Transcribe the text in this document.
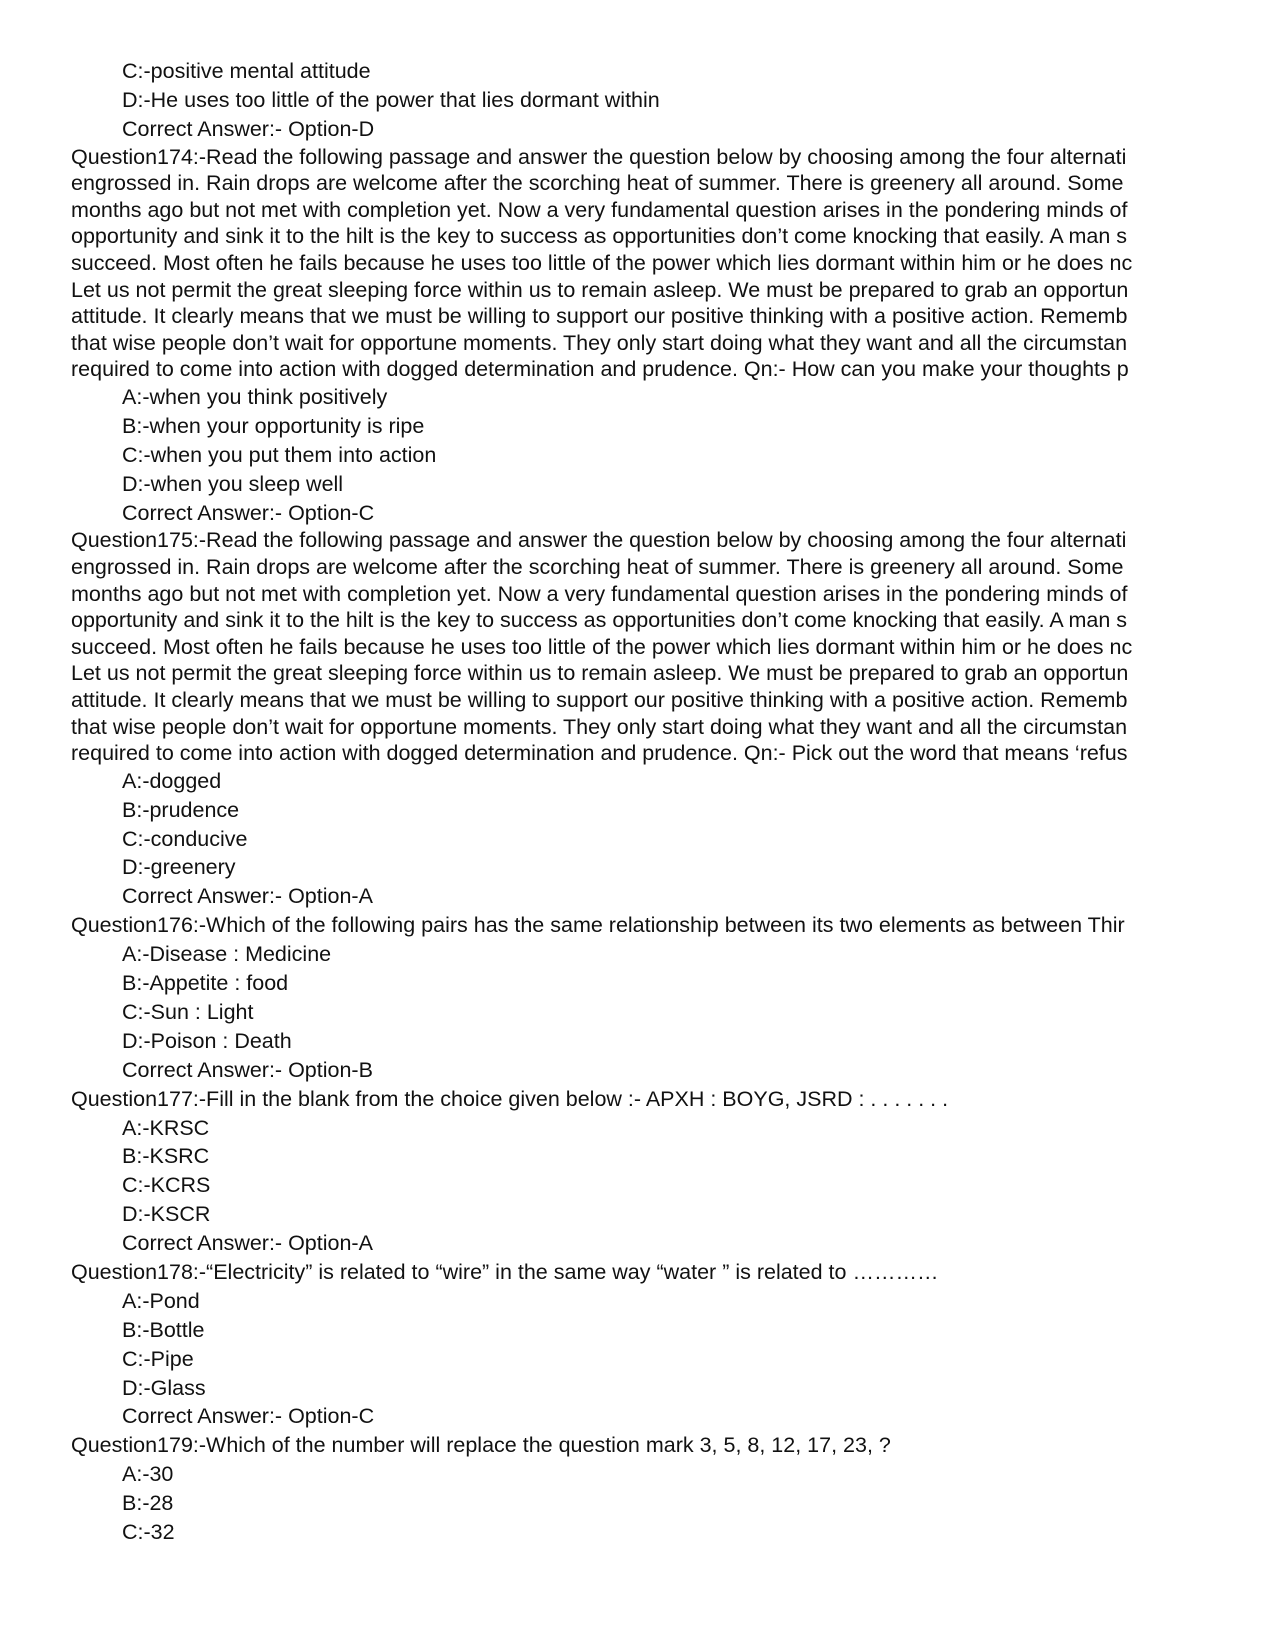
C:-positive mental attitude
D:-He uses too little of the power that lies dormant within
Correct Answer:- Option-D
Question174:-Read the following passage and answer the question below by choosing among the four alternati
engrossed in. Rain drops are welcome after the scorching heat of summer. There is greenery all around. Some
months ago but not met with completion yet. Now a very fundamental question arises in the pondering minds of
opportunity and sink it to the hilt is the key to success as opportunities don’t come knocking that easily. A man s
succeed. Most often he fails because he uses too little of the power which lies dormant within him or he does nc
Let us not permit the great sleeping force within us to remain asleep. We must be prepared to grab an opportun
attitude. It clearly means that we must be willing to support our positive thinking with a positive action. Rememb
that wise people don’t wait for opportune moments. They only start doing what they want and all the circumstan
required to come into action with dogged determination and prudence. Qn:- How can you make your thoughts p
A:-when you think positively
B:-when your opportunity is ripe
C:-when you put them into action
D:-when you sleep well
Correct Answer:- Option-C
Question175:-Read the following passage and answer the question below by choosing among the four alternati
engrossed in. Rain drops are welcome after the scorching heat of summer. There is greenery all around. Some
months ago but not met with completion yet. Now a very fundamental question arises in the pondering minds of
opportunity and sink it to the hilt is the key to success as opportunities don’t come knocking that easily. A man s
succeed. Most often he fails because he uses too little of the power which lies dormant within him or he does nc
Let us not permit the great sleeping force within us to remain asleep. We must be prepared to grab an opportun
attitude. It clearly means that we must be willing to support our positive thinking with a positive action. Rememb
that wise people don’t wait for opportune moments. They only start doing what they want and all the circumstan
required to come into action with dogged determination and prudence. Qn:- Pick out the word that means ‘refus
A:-dogged
B:-prudence
C:-conducive
D:-greenery
Correct Answer:- Option-A
Question176:-Which of the following pairs has the same relationship between its two elements as between Thir
A:-Disease : Medicine
B:-Appetite : food
C:-Sun : Light
D:-Poison : Death
Correct Answer:- Option-B
Question177:-Fill in the blank from the choice given below :- APXH : BOYG, JSRD : . . . . . . .
A:-KRSC
B:-KSRC
C:-KCRS
D:-KSCR
Correct Answer:- Option-A
Question178:-“Electricity” is related to “wire” in the same way “water ” is related to …………
A:-Pond
B:-Bottle
C:-Pipe
D:-Glass
Correct Answer:- Option-C
Question179:-Which of the number will replace the question mark 3, 5, 8, 12, 17, 23, ?
A:-30
B:-28
C:-32
